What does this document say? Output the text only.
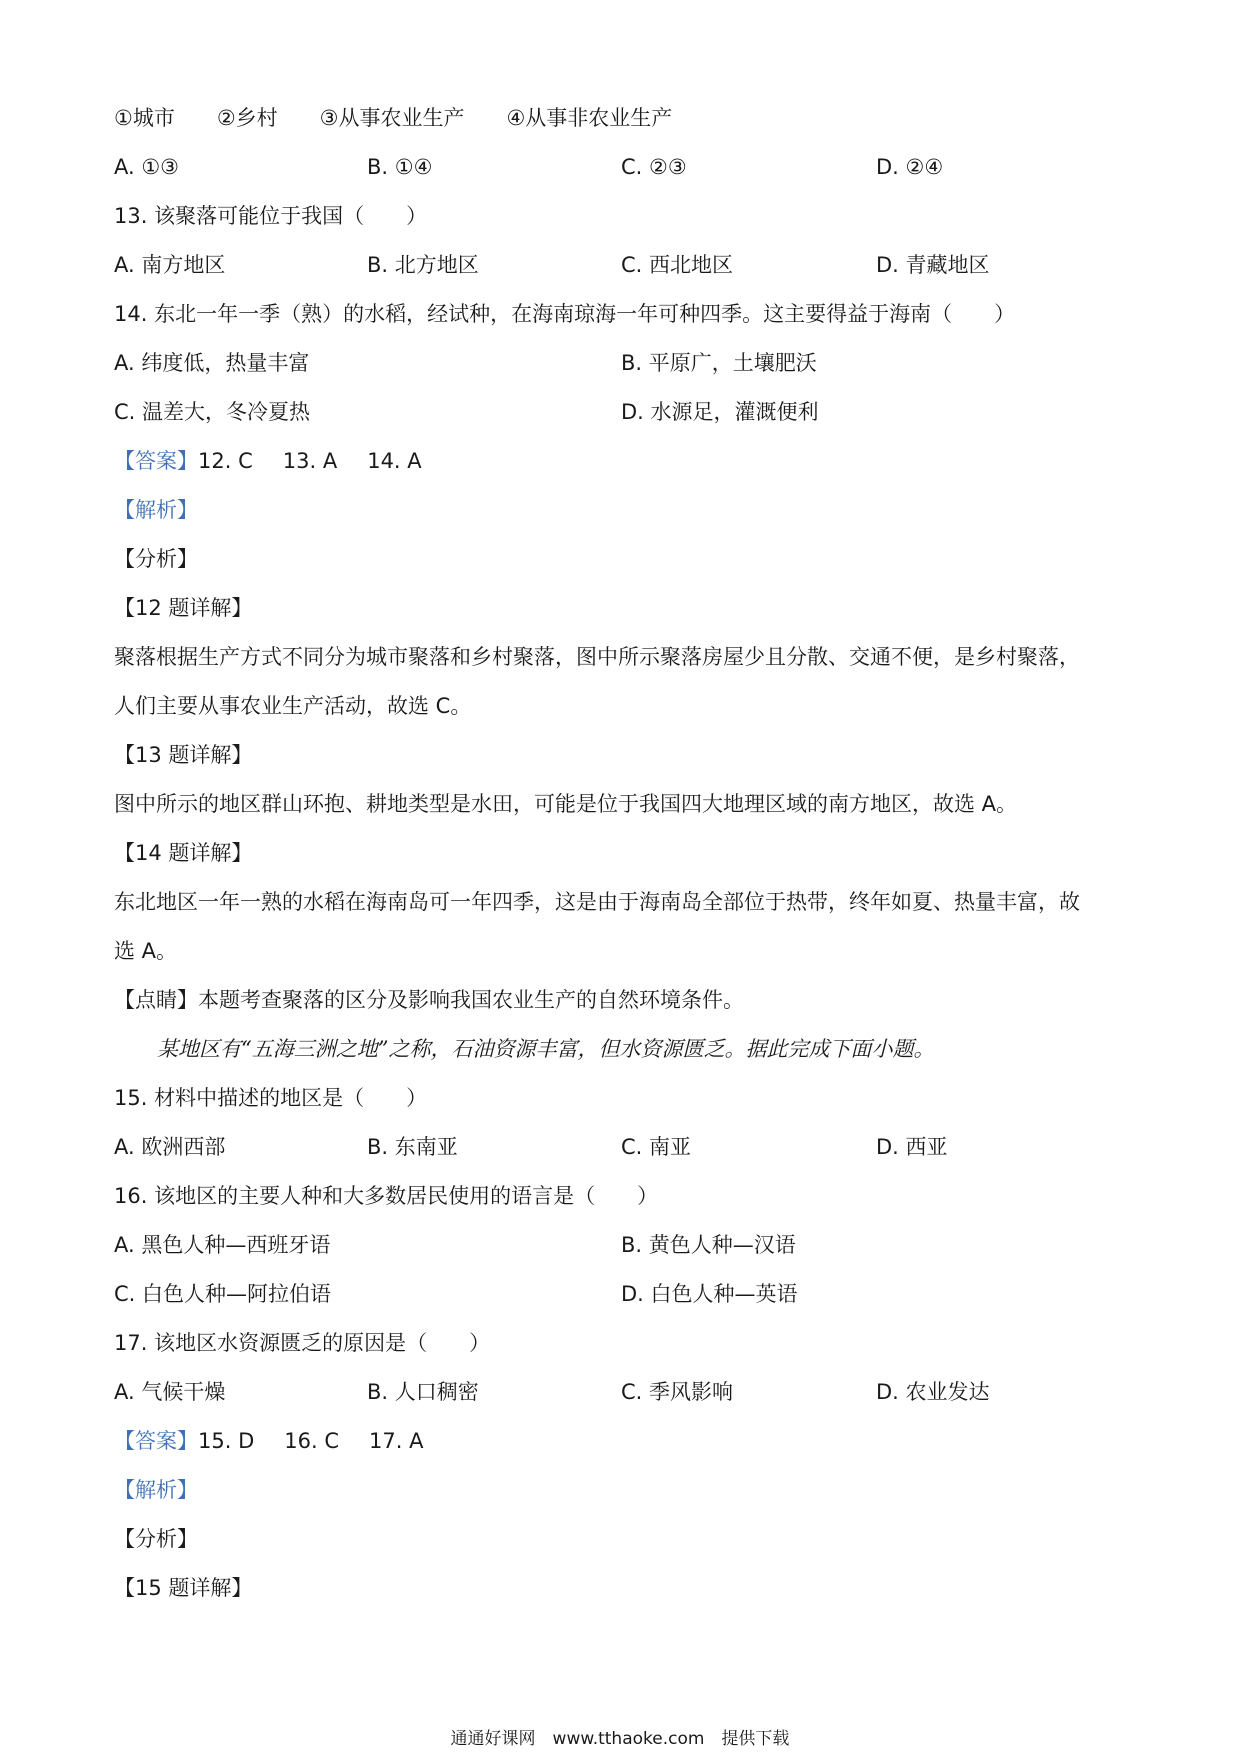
①城市　　②乡村　　③从事农业生产　　④从事非农业生产
A. ①③	B. ①④	C. ②③	D. ②④
13. 该聚落可能位于我国（　　）
A. 南方地区	B. 北方地区	C. 西北地区	D. 青藏地区
14. 东北一年一季（熟）的水稻，经试种，在海南琼海一年可种四季。这主要得益于海南（　　）
A. 纬度低，热量丰富	B. 平原广，土壤肥沃
C. 温差大，冬冷夏热	D. 水源足，灌溉便利
【答案】12. C 13. A 14. A
【解析】
【分析】
【12 题详解】
聚落根据生产方式不同分为城市聚落和乡村聚落，图中所示聚落房屋少且分散、交通不便，是乡村聚落，
人们主要从事农业生产活动，故选 C。
【13 题详解】
图中所示的地区群山环抱、耕地类型是水田，可能是位于我国四大地理区域的南方地区，故选 A。
【14 题详解】
东北地区一年一熟的水稻在海南岛可一年四季，这是由于海南岛全部位于热带，终年如夏、热量丰富，故
选 A。
【点睛】本题考查聚落的区分及影响我国农业生产的自然环境条件。
某地区有“五海三洲之地”之称，石油资源丰富，但水资源匮乏。据此完成下面小题。
15. 材料中描述的地区是（　　）
A. 欧洲西部	B. 东南亚	C. 南亚	D. 西亚
16. 该地区的主要人种和大多数居民使用的语言是（　　）
A. 黑色人种—西班牙语	B. 黄色人种—汉语
C. 白色人种—阿拉伯语	D. 白色人种—英语
17. 该地区水资源匮乏的原因是（　　）
A. 气候干燥	B. 人口稠密	C. 季风影响	D. 农业发达
【答案】15. D 16. C 17. A
【解析】
【分析】
【15 题详解】
通通好课网　www.tthaoke.com　提供下载
